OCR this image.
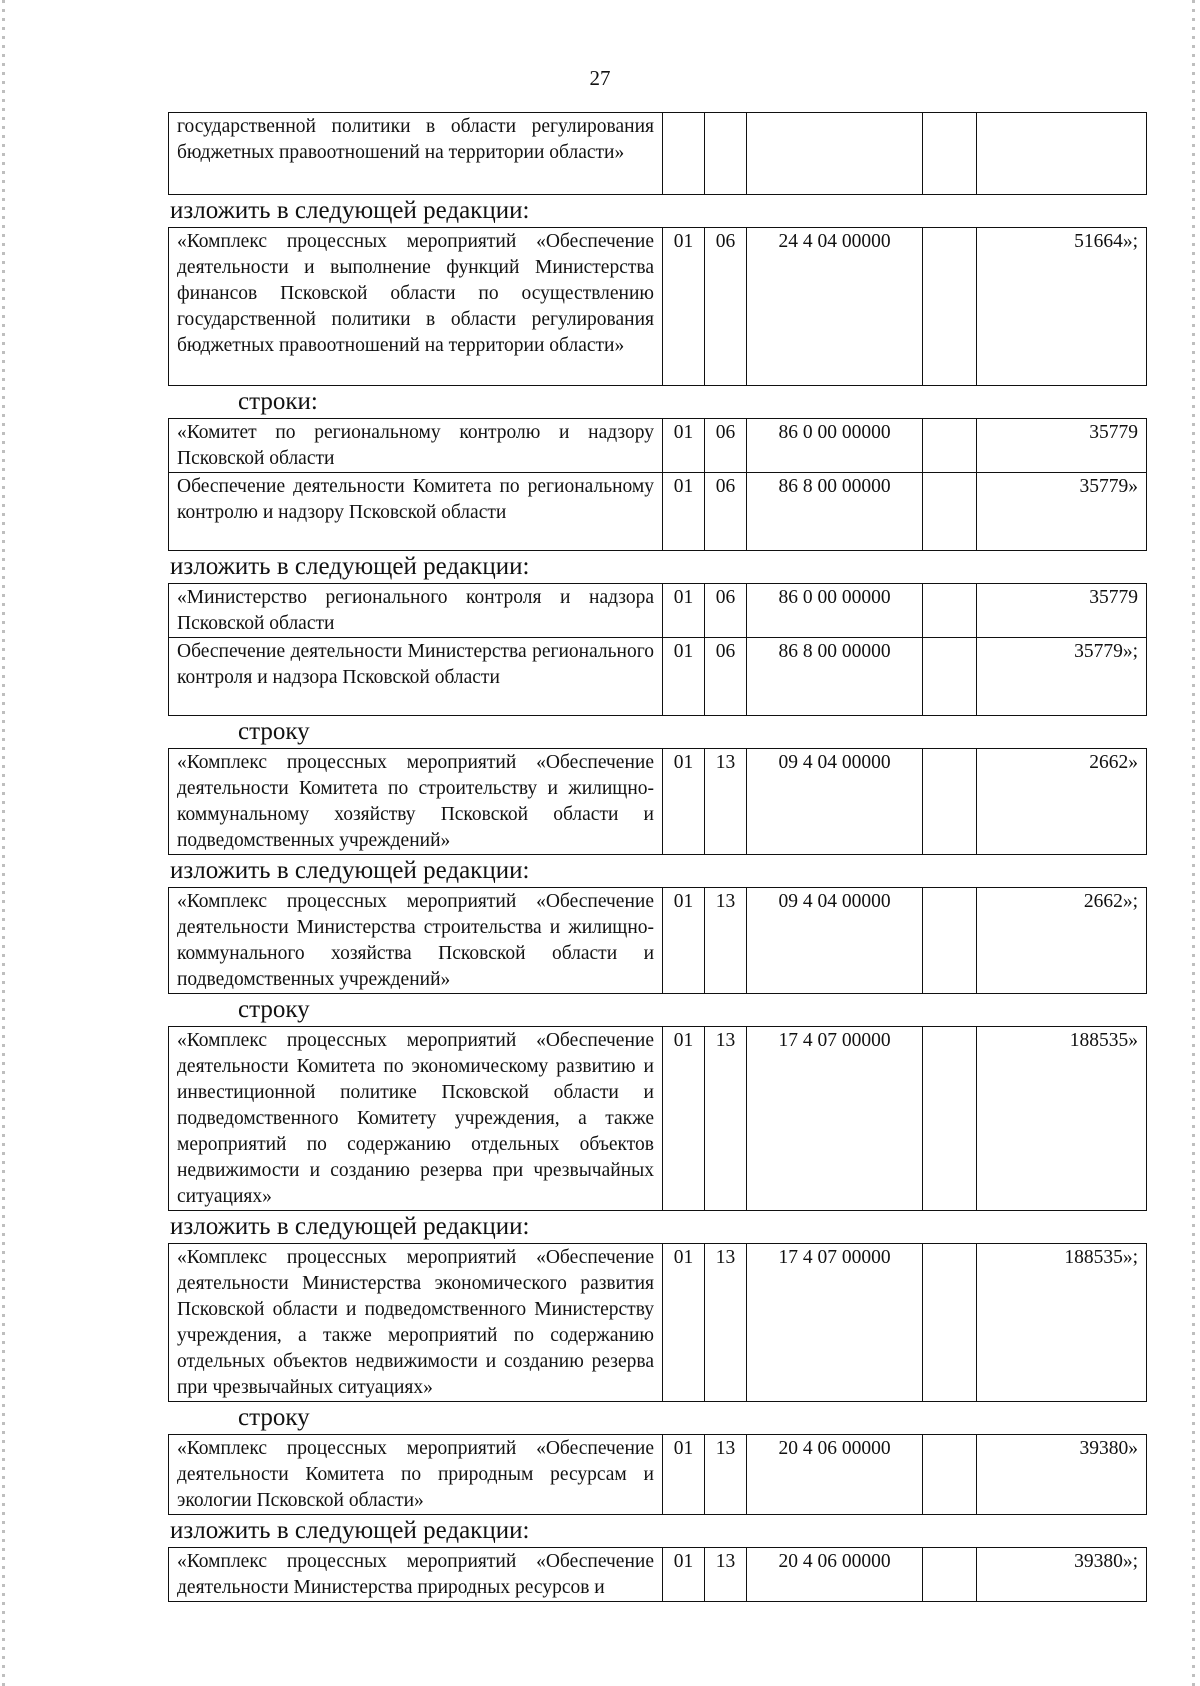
27
государственной политики в области регулирования бюджетных правоотношений на территории области»					
изложить в следующей редакции:
«Комплекс процессных мероприятий «Обеспечение деятельности и выполнение функций Министерства финансов Псковской области по осуществлению государственной политики в области регулирования бюджетных правоотношений на территории области»	01	06	24 4 04 00000		51664»;
строки:
«Комитет по региональному контролю и надзору Псковской области	01	06	86 0 00 00000		35779
Обеспечение деятельности Комитета по региональному контролю и надзору Псковской области	01	06	86 8 00 00000		35779»
изложить в следующей редакции:
«Министерство регионального контроля и надзора Псковской области	01	06	86 0 00 00000		35779
Обеспечение деятельности Министерства регионального контроля и надзора Псковской области	01	06	86 8 00 00000		35779»;
строку
«Комплекс процессных мероприятий «Обеспечение деятельности Комитета по строительству и жилищно-коммунальному хозяйству Псковской области и подведомственных учреждений»	01	13	09 4 04 00000		2662»
изложить в следующей редакции:
«Комплекс процессных мероприятий «Обеспечение деятельности Министерства строительства и жилищно-коммунального хозяйства Псковской области и подведомственных учреждений»	01	13	09 4 04 00000		2662»;
строку
«Комплекс процессных мероприятий «Обеспечение деятельности Комитета по экономическому развитию и инвестиционной политике Псковской области и подведомственного Комитету учреждения, а также мероприятий по содержанию отдельных объектов недвижимости и созданию резерва при чрезвычайных ситуациях»	01	13	17 4 07 00000		188535»
изложить в следующей редакции:
«Комплекс процессных мероприятий «Обеспечение деятельности Министерства экономического развития Псковской области и подведомственного Министерству учреждения, а также мероприятий по содержанию отдельных объектов недвижимости и созданию резерва при чрезвычайных ситуациях»	01	13	17 4 07 00000		188535»;
строку
«Комплекс процессных мероприятий «Обеспечение деятельности Комитета по природным ресурсам и экологии Псковской области»	01	13	20 4 06 00000		39380»
изложить в следующей редакции:
«Комплекс процессных мероприятий «Обеспечение деятельности Министерства природных ресурсов и	01	13	20 4 06 00000		39380»;
